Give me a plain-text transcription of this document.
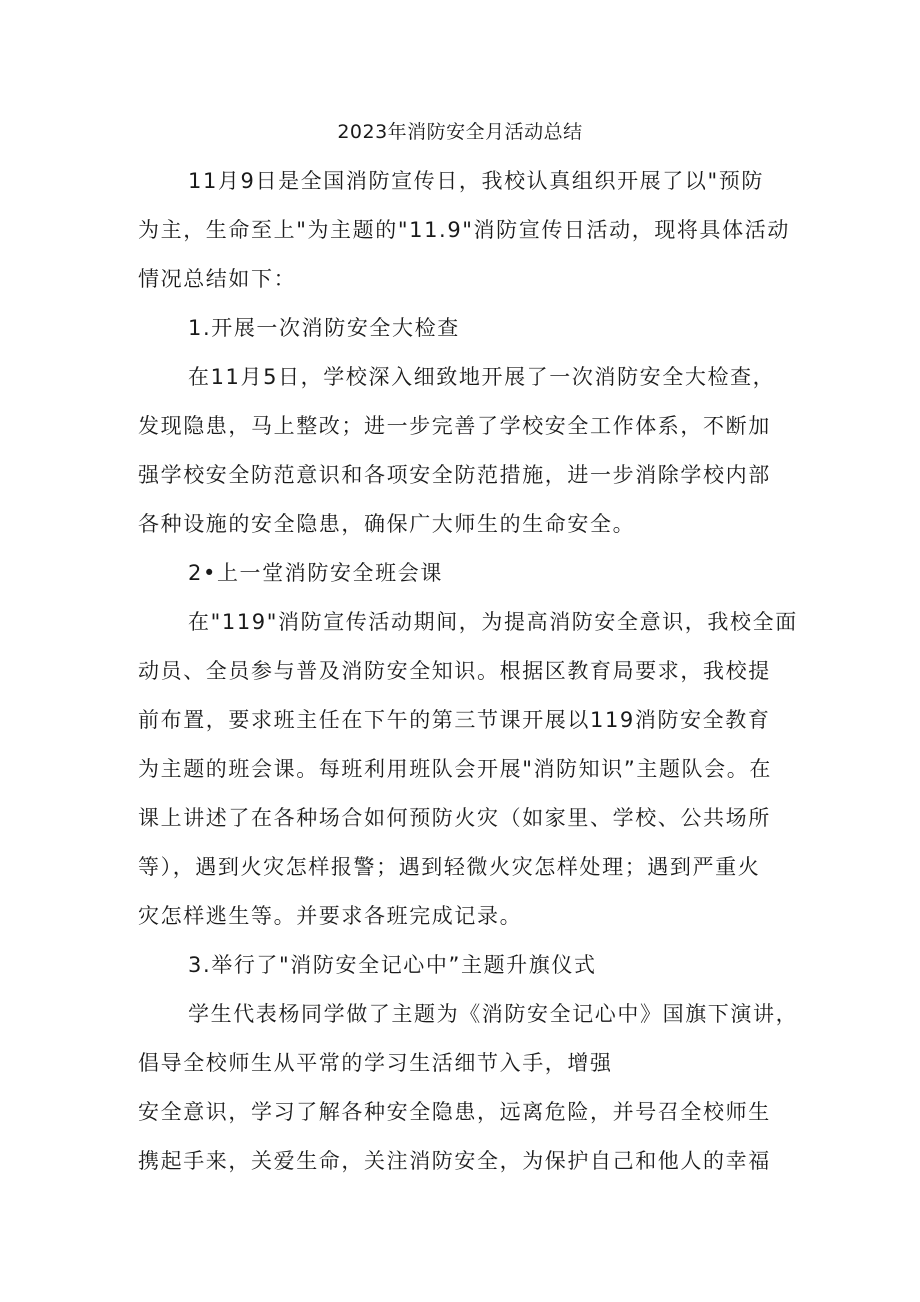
2023年消防安全月活动总结
11月9日是全国消防宣传日，我校认真组织开展了以"预防
为主，生命至上"为主题的"11.9"消防宣传日活动，现将具体活动
情况总结如下：
1.开展一次消防安全大检查
在11月5日，学校深入细致地开展了一次消防安全大检查，
发现隐患，马上整改；进一步完善了学校安全工作体系，不断加
强学校安全防范意识和各项安全防范措施，进一步消除学校内部
各种设施的安全隐患，确保广大师生的生命安全。
2•上一堂消防安全班会课
在"119"消防宣传活动期间，为提高消防安全意识，我校全面
动员、全员参与普及消防安全知识。根据区教育局要求，我校提
前布置，要求班主任在下午的第三节课开展以119消防安全教育
为主题的班会课。每班利用班队会开展"消防知识”主题队会。在
课上讲述了在各种场合如何预防火灾（如家里、学校、公共场所
等），遇到火灾怎样报警；遇到轻微火灾怎样处理；遇到严重火
灾怎样逃生等。并要求各班完成记录。
3.举行了"消防安全记心中”主题升旗仪式
学生代表杨同学做了主题为《消防安全记心中》国旗下演讲，
倡导全校师生从平常的学习生活细节入手，增强
安全意识，学习了解各种安全隐患，远离危险，并号召全校师生
携起手来，关爱生命，关注消防安全，为保护自己和他人的幸福
